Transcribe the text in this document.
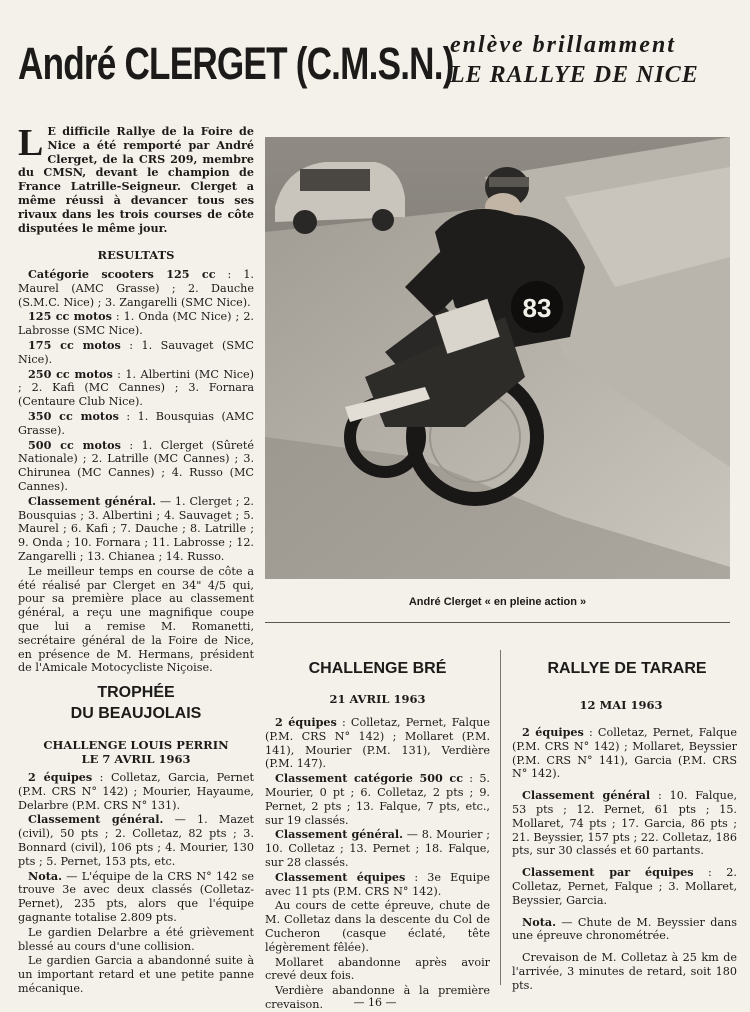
André CLERGET (C.M.S.N.)
enlève brillamment
LE RALLYE DE NICE
L E difficile Rallye de la Foire de Nice a été remporté par André Clerget, de la CRS 209, membre du CMSN, devant le champion de France Latrille-Seigneur. Clerget a même réussi à devancer tous ses rivaux dans les trois courses de côte disputées le même jour.
RESULTATS

Catégorie scooters 125 cc : 1. Maurel (AMC Grasse) ; 2. Dauche (S.M.C. Nice) ; 3. Zangarelli (SMC Nice).

125 cc motos : 1. Onda (MC Nice) ; 2. Labrosse (SMC Nice).

175 cc motos : 1. Sauvaget (SMC Nice).

250 cc motos : 1. Albertini (MC Nice) ; 2. Kafi (MC Cannes) ; 3. Fornara (Centaure Club Nice).

350 cc motos : 1. Bousquias (AMC Grasse).

500 cc motos : 1. Clerget (Sûreté Nationale) ; 2. Latrille (MC Cannes) ; 3. Chirunea (MC Cannes) ; 4. Russo (MC Cannes).

Classement général. — 1. Clerget ; 2. Bousquias ; 3. Albertini ; 4. Sauvaget ; 5. Maurel ; 6. Kafi ; 7. Dauche ; 8. Latrille ; 9. Onda ; 10. Fornara ; 11. Labrosse ; 12. Zangarelli ; 13. Chianea ; 14. Russo.

Le meilleur temps en course de côte a été réalisé par Clerget en 34" 4/5 qui, pour sa première place au classement général, a reçu une magnifique coupe que lui a remise M. Romanetti, secrétaire général de la Foire de Nice, en présence de M. Hermans, président de l'Amicale Motocycliste Niçoise.

83
André Clerget « en pleine action »
TROPHÉE
DU BEAUJOLAIS
CHALLENGE LOUIS PERRIN
LE 7 AVRIL 1963

2 équipes : Colletaz, Garcia, Pernet (P.M. CRS N° 142) ; Mourier, Hayaume, Delarbre (P.M. CRS N° 131).

Classement général. — 1. Mazet (civil), 50 pts ; 2. Colletaz, 82 pts ; 3. Bonnard (civil), 106 pts ; 4. Mourier, 130 pts ; 5. Pernet, 153 pts, etc.

Nota. — L'équipe de la CRS N° 142 se trouve 3e avec deux classés (Colletaz-Pernet), 235 pts, alors que l'équipe gagnante totalise 2.809 pts.

Le gardien Delarbre a été grièvement blessé au cours d'une collision.

Le gardien Garcia a abandonné suite à un important retard et une petite panne mécanique.

CHALLENGE BRÉ
21 AVRIL 1963

2 équipes : Colletaz, Pernet, Falque (P.M. CRS N° 142) ; Mollaret (P.M. 141), Mourier (P.M. 131), Verdière (P.M. 147).

Classement catégorie 500 cc : 5. Mourier, 0 pt ; 6. Colletaz, 2 pts ; 9. Pernet, 2 pts ; 13. Falque, 7 pts, etc., sur 19 classés.

Classement général. — 8. Mourier ; 10. Colletaz ; 13. Pernet ; 18. Falque, sur 28 classés.

Classement équipes : 3e Equipe avec 11 pts (P.M. CRS N° 142).

Au cours de cette épreuve, chute de M. Colletaz dans la descente du Col de Cucheron (casque éclaté, tête légèrement fêlée).

Mollaret abandonne après avoir crevé deux fois.

Verdière abandonne à la première crevaison.

RALLYE DE TARARE
12 MAI 1963

2 équipes : Colletaz, Pernet, Falque (P.M. CRS N° 142) ; Mollaret, Beyssier (P.M. CRS N° 141), Garcia (P.M. CRS N° 142).

Classement général : 10. Falque, 53 pts ; 12. Pernet, 61 pts ; 15. Mollaret, 74 pts ; 17. Garcia, 86 pts ; 21. Beyssier, 157 pts ; 22. Colletaz, 186 pts, sur 30 classés et 60 partants.

Classement par équipes : 2. Colletaz, Pernet, Falque ; 3. Mollaret, Beyssier, Garcia.

Nota. — Chute de M. Beyssier dans une épreuve chronométrée.

Crevaison de M. Colletaz à 25 km de l'arrivée, 3 minutes de retard, soit 180 pts.

— 16 —
